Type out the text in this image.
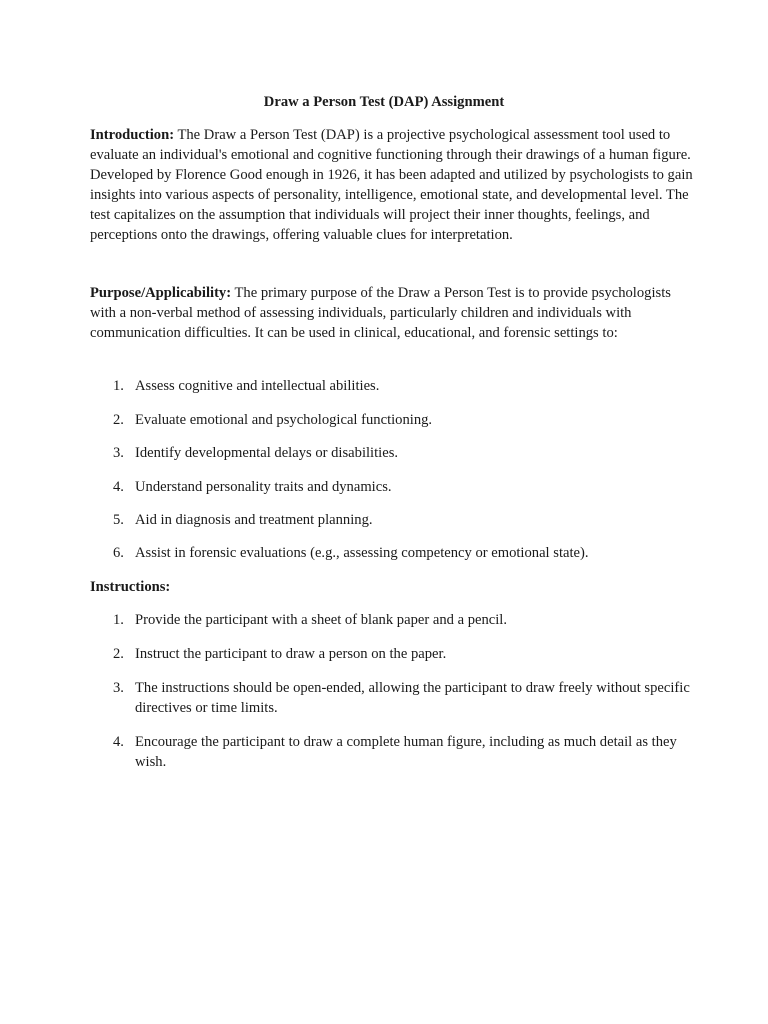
Draw a Person Test (DAP) Assignment

Introduction: The Draw a Person Test (DAP) is a projective psychological assessment tool used to evaluate an individual's emotional and cognitive functioning through their drawings of a human figure. Developed by Florence Good enough in 1926, it has been adapted and utilized by psychologists to gain insights into various aspects of personality, intelligence, emotional state, and developmental level. The test capitalizes on the assumption that individuals will project their inner thoughts, feelings, and perceptions onto the drawings, offering valuable clues for interpretation.

Purpose/Applicability: The primary purpose of the Draw a Person Test is to provide psychologists with a non-verbal method of assessing individuals, particularly children and individuals with communication difficulties. It can be used in clinical, educational, and forensic settings to:

1. Assess cognitive and intellectual abilities.
2. Evaluate emotional and psychological functioning.
3. Identify developmental delays or disabilities.
4. Understand personality traits and dynamics.
5. Aid in diagnosis and treatment planning.
6. Assist in forensic evaluations (e.g., assessing competency or emotional state).
Instructions:
1. Provide the participant with a sheet of blank paper and a pencil.
2. Instruct the participant to draw a person on the paper.
3. The instructions should be open-ended, allowing the participant to draw freely without specific directives or time limits.
4. Encourage the participant to draw a complete human figure, including as much detail as they wish.
